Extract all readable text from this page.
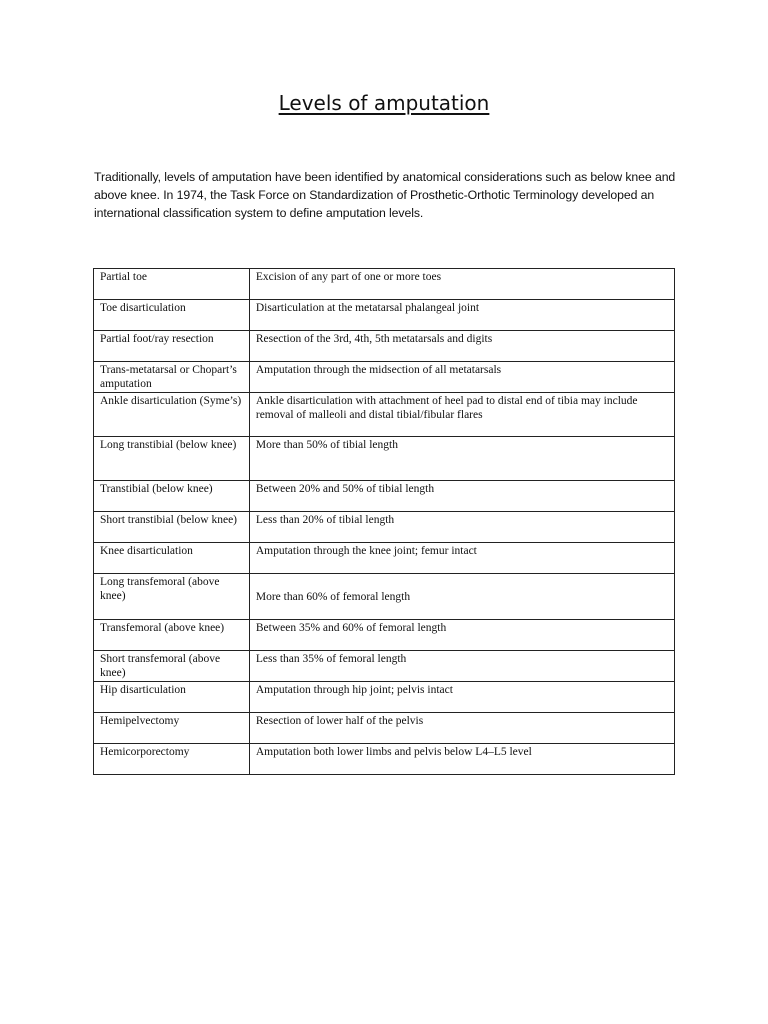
Levels of amputation
Traditionally, levels of amputation have been identified by anatomical considerations such as below knee and above knee. In 1974, the Task Force on Standardization of Prosthetic-Orthotic Terminology developed an international classification system to define amputation levels.
Partial toe	Excision of any part of one or more toes
Toe disarticulation	Disarticulation at the metatarsal phalangeal joint
Partial foot/ray resection	Resection of the 3rd, 4th, 5th metatarsals and digits
Trans-metatarsal or Chopart’s amputation	Amputation through the midsection of all metatarsals
Ankle disarticulation (Syme’s)	Ankle disarticulation with attachment of heel pad to distal end of tibia may include removal of malleoli and distal tibial/fibular flares
Long transtibial (below knee)	More than 50% of tibial length
Transtibial (below knee)	Between 20% and 50% of tibial length
Short transtibial (below knee)	Less than 20% of tibial length
Knee disarticulation	Amputation through the knee joint; femur intact
Long transfemoral (above knee)	More than 60% of femoral length

Transfemoral (above knee)	Between 35% and 60% of femoral length
Short transfemoral (above knee)	Less than 35% of femoral length
Hip disarticulation	Amputation through hip joint; pelvis intact
Hemipelvectomy	Resection of lower half of the pelvis
Hemicorporectomy	Amputation both lower limbs and pelvis below L4–L5 level
